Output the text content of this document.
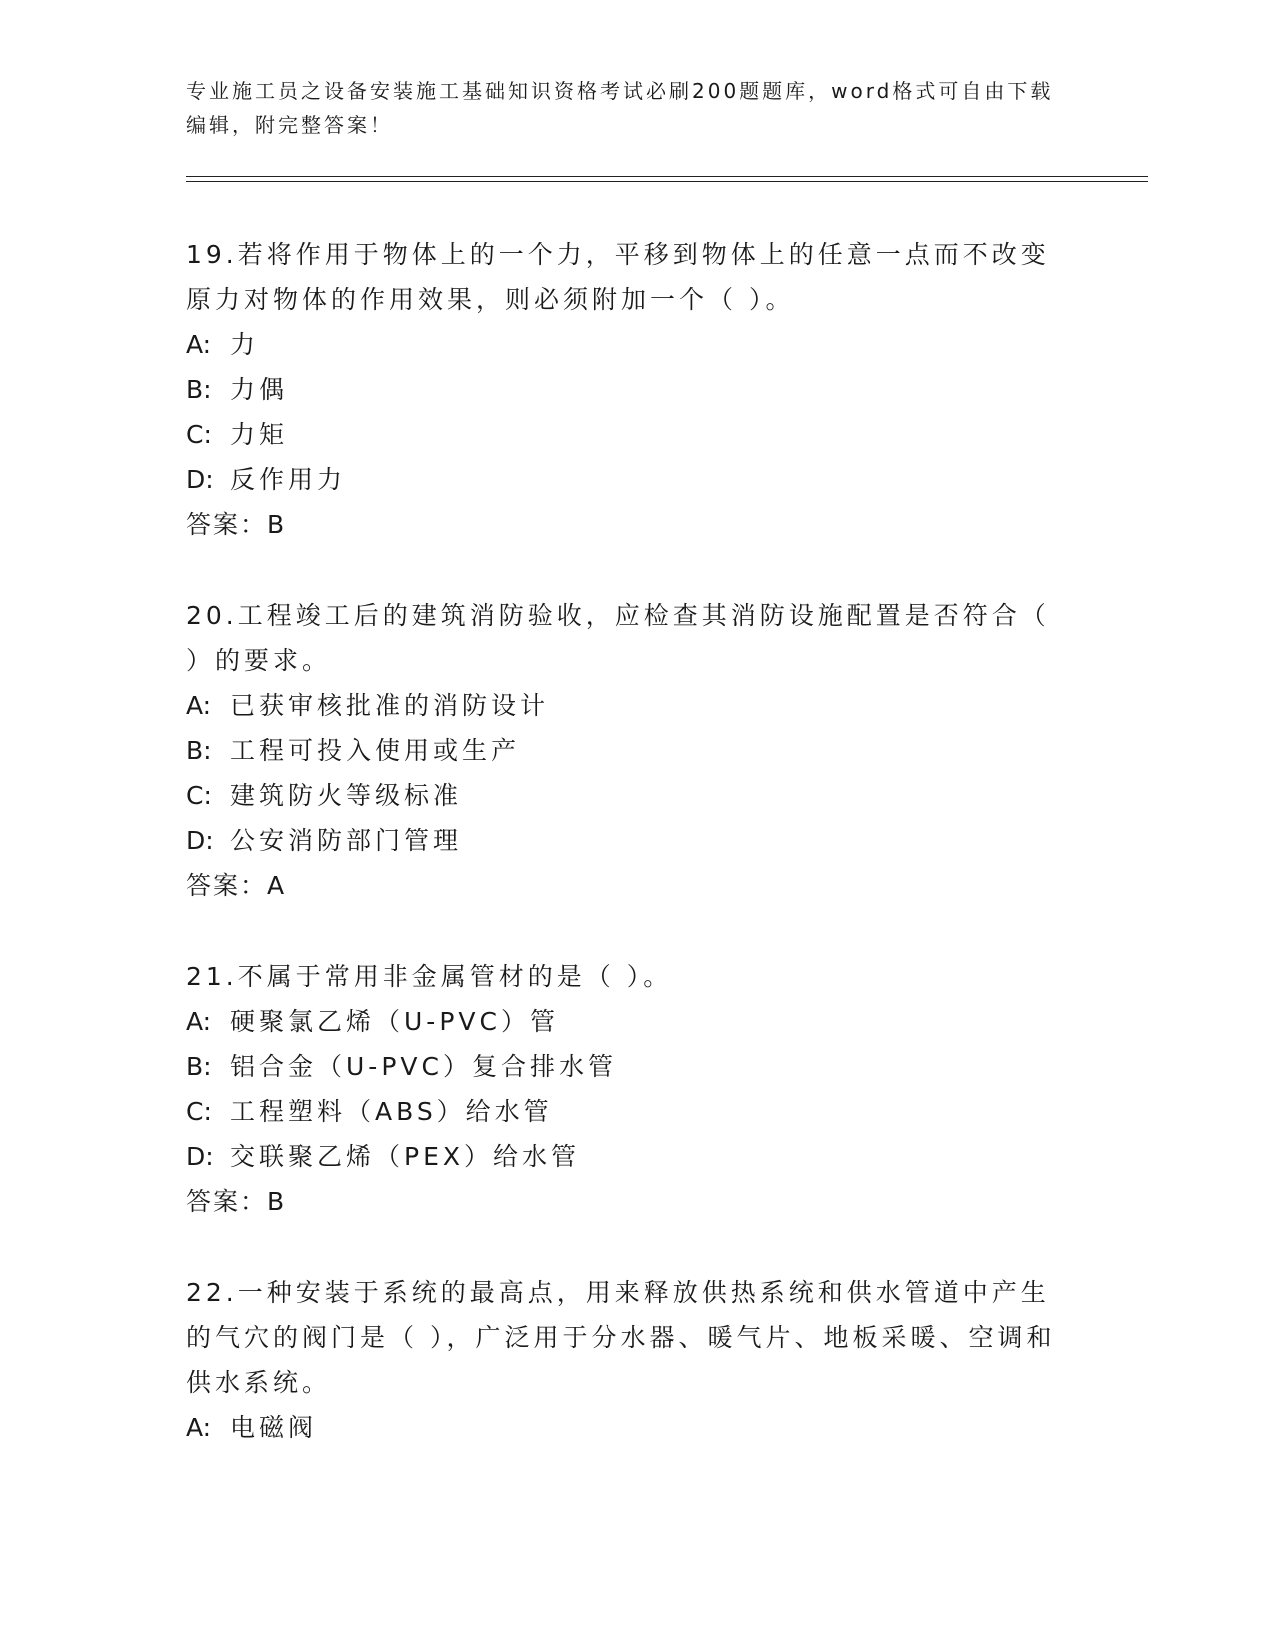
专业施工员之设备安装施工基础知识资格考试必刷200题题库，word格式可自由下载编辑，附完整答案！

19.若将作用于物体上的一个力，平移到物体上的任意一点而不改变原力对物体的作用效果，则必须附加一个（ ）。

A: 力
B: 力偶
C: 力矩
D: 反作用力
答案：B

20.工程竣工后的建筑消防验收，应检查其消防设施配置是否符合（ ）的要求。

A: 已获审核批准的消防设计
B: 工程可投入使用或生产
C: 建筑防火等级标准
D: 公安消防部门管理
答案：A

21.不属于常用非金属管材的是（ ）。

A: 硬聚氯乙烯（U-PVC）管
B: 铝合金（U-PVC）复合排水管
C: 工程塑料（ABS）给水管
D: 交联聚乙烯（PEX）给水管
答案：B

22.一种安装于系统的最高点，用来释放供热系统和供水管道中产生的气穴的阀门是（ ），广泛用于分水器、暖气片、地板采暖、空调和供水系统。

A: 电磁阀
